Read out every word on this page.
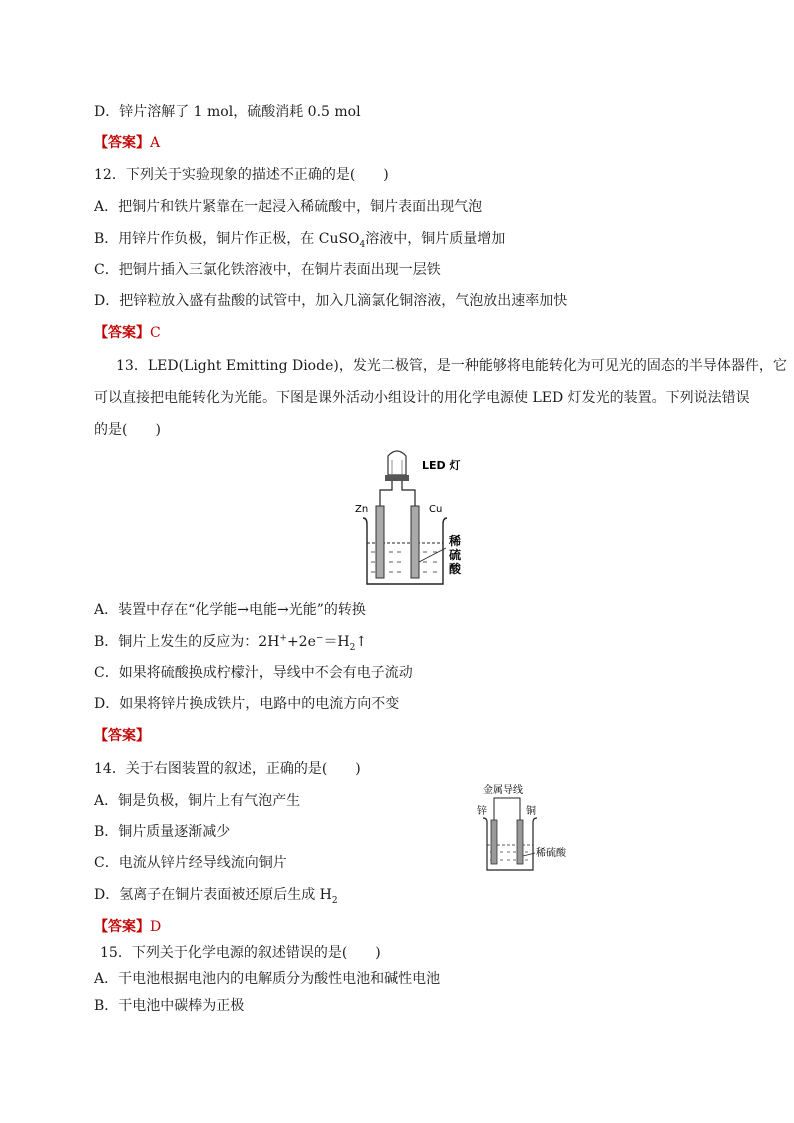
D．锌片溶解了 1 mol，硫酸消耗 0.5 mol
【答案】A
12．下列关于实验现象的描述不正确的是(　　)
A．把铜片和铁片紧靠在一起浸入稀硫酸中，铜片表面出现气泡
B．用锌片作负极，铜片作正极，在 CuSO$_4$溶液中，铜片质量增加
C．把铜片插入三氯化铁溶液中，在铜片表面出现一层铁
D．把锌粒放入盛有盐酸的试管中，加入几滴氯化铜溶液，气泡放出速率加快
【答案】C
13．LED(Light Emitting Diode)，发光二极管，是一种能够将电能转化为可见光的固态的半导体器件，它
可以直接把电能转化为光能。下图是课外活动小组设计的用化学电源使 LED 灯发光的装置。下列说法错误
的是(　　)
LED 灯
Zn	Cu
稀 硫 酸
A．装置中存在“化学能→电能→光能”的转换
B．铜片上发生的反应为：$2H^++2e^-=H_2↑$
C．如果将硫酸换成柠檬汁，导线中不会有电子流动
D．如果将锌片换成铁片，电路中的电流方向不变
【答案】
14．关于右图装置的叙述，正确的是(　　)
A．铜是负极，铜片上有气泡产生
B．铜片质量逐渐减少
C．电流从锌片经导线流向铜片
D．氢离子在铜片表面被还原后生成 $H_2$
【答案】D
金属导线
锌	铜
稀硫酸
15．下列关于化学电源的叙述错误的是(　　)
A．干电池根据电池内的电解质分为酸性电池和碱性电池
B．干电池中碳棒为正极
